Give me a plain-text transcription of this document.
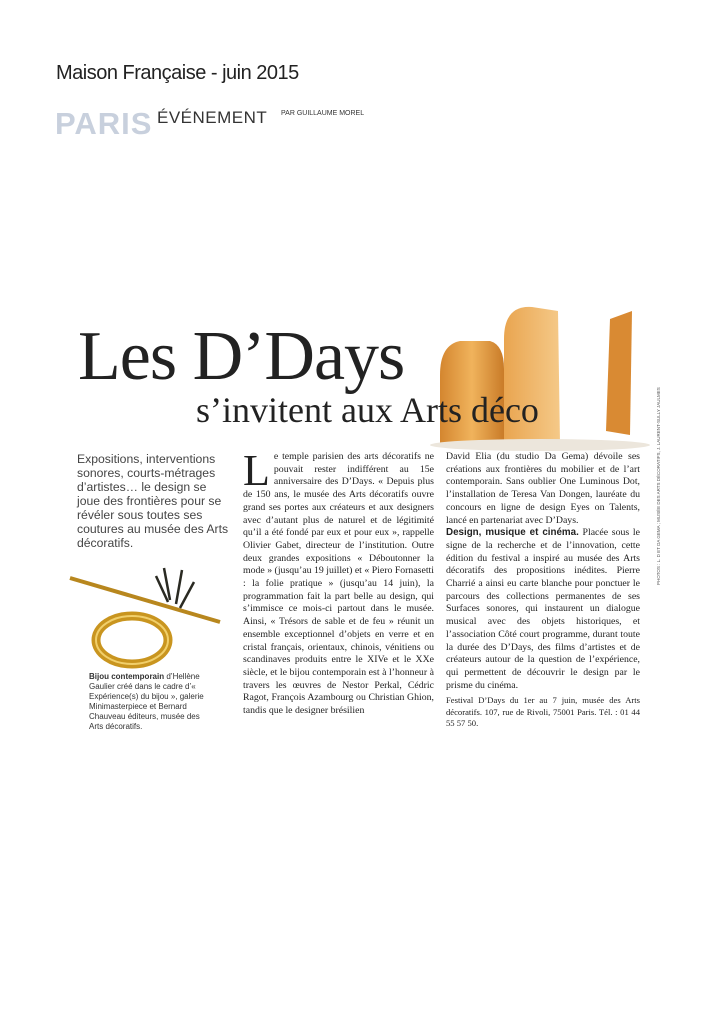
Maison Française - juin 2015
PARIS ÉVÉNEMENT PAR GUILLAUME MOREL
Les D’Days
s’invitent aux Arts déco
Expositions, interventions sonores, courts-métrages d’artistes… le design se joue des frontières pour se révéler sous toutes ses coutures au musée des Arts décoratifs.
Bijou contemporain d’Hellène Gaulier créé dans le cadre d’« Expérience(s) du bijou », galerie Minimasterpiece et Bernard Chauveau éditeurs, musée des Arts décoratifs.
Le temple parisien des arts décoratifs ne pouvait rester indifférent au 15e anniversaire des D’Days. « Depuis plus de 150 ans, le musée des Arts décoratifs ouvre grand ses portes aux créateurs et aux designers avec d’autant plus de naturel et de légitimité qu’il a été fondé par eux et pour eux », rappelle Olivier Gabet, directeur de l’institution. Outre deux grandes expositions « Déboutonner la mode » (jusqu’au 19 juillet) et « Piero Fornasetti : la folie pratique » (jusqu’au 14 juin), la programmation fait la part belle au design, qui s’immisce ce mois-ci partout dans le musée. Ainsi, « Trésors de sable et de feu » réunit un ensemble exceptionnel d’objets en verre et en cristal français, orientaux, chinois, vénitiens ou scandinaves produits entre le XIVe et le XXe siècle, et le bijou contemporain est à l’honneur à travers les œuvres de Nestor Perkal, Cédric Ragot, François Azambourg ou Christian Ghion, tandis que le designer brésilien
David Elia (du studio Da Gema) dévoile ses créations aux frontières du mobilier et de l’art contemporain. Sans oublier One Luminous Dot, l’installation de Teresa Van Dongen, lauréate du concours en ligne de design Eyes on Talents, lancé en partenariat avec D’Days.
Design, musique et cinéma. Placée sous le signe de la recherche et de l’innovation, cette édition du festival a inspiré au musée des Arts décoratifs des propositions inédites. Pierre Charrié a ainsi eu carte blanche pour ponctuer le parcours des collections permanentes de ses Surfaces sonores, qui instaurent un dialogue musical avec des objets historiques, et l’association Côté court programme, durant toute la durée des D’Days, des films d’artistes et de créateurs autour de la question de l’expérience, qui permettent de découvrir le design par le prisme du cinéma.
Festival D’Days du 1er au 7 juin, musée des Arts décoratifs. 107, rue de Rivoli, 75001 Paris. Tél. : 01 44 55 57 50.
PHOTOS : L. D ET DA GEMA ; MUSÉE DES ARTS DÉCORATIFS, J. LAURENT-SULLY JAULMES
